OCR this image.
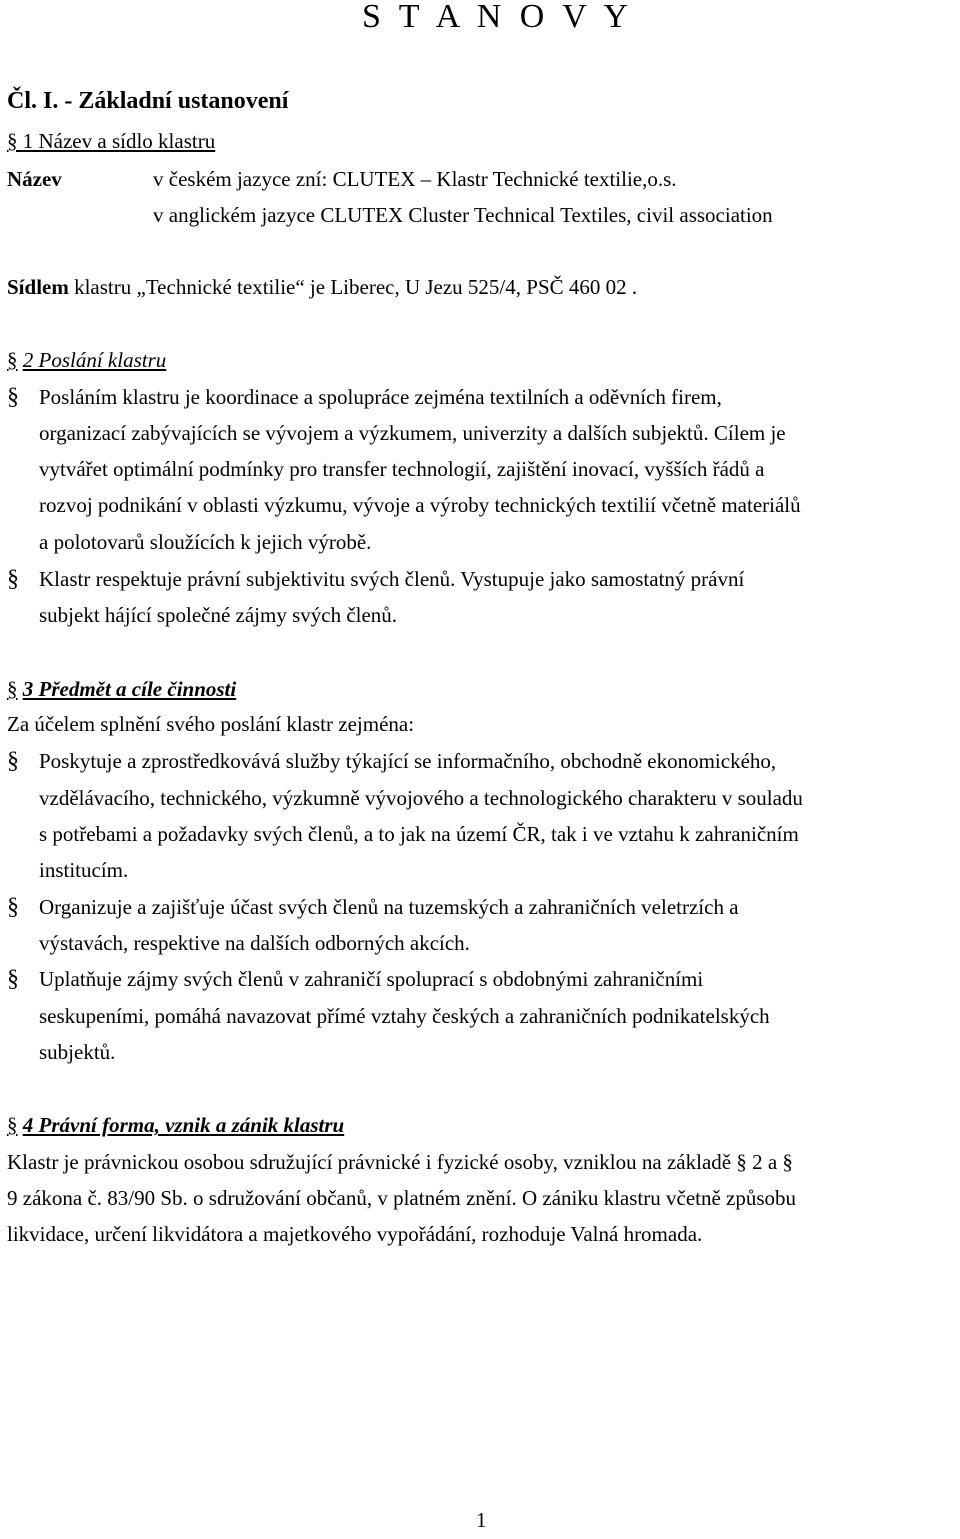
S T A N O V Y
Čl. I. - Základní ustanovení
§ 1 Název a sídlo klastru
Název	v českém jazyce zní: CLUTEX – Klastr Technické textilie,o.s.
v anglickém jazyce CLUTEX Cluster Technical Textiles, civil association
Sídlem klastru „Technické textilie“ je Liberec, U Jezu 525/4, PSČ 460 02 .
§ 2 Poslání klastru
§ Posláním klastru je koordinace a spolupráce zejména textilních a oděvních firem,
organizací zabývajících se vývojem a výzkumem, univerzity a dalších subjektů. Cílem je
vytvářet optimální podmínky pro transfer technologií, zajištění inovací, vyšších řádů a
rozvoj podnikání v oblasti výzkumu, vývoje a výroby technických textilií včetně materiálů
a polotovarů sloužících k jejich výrobě.
§ Klastr respektuje právní subjektivitu svých členů. Vystupuje jako samostatný právní
subjekt hájící společné zájmy svých členů.
§ 3 Předmět a cíle činnosti
Za účelem splnění svého poslání klastr zejména:
§ Poskytuje a zprostředkovává služby týkající se informačního, obchodně ekonomického,
vzdělávacího, technického, výzkumně vývojového a technologického charakteru v souladu
s potřebami a požadavky svých členů, a to jak na území ČR, tak i ve vztahu k zahraničním
institucím.
§ Organizuje a zajišťuje účast svých členů na tuzemských a zahraničních veletrzích a
výstavách, respektive na dalších odborných akcích.
§ Uplatňuje zájmy svých členů v zahraničí spoluprací s obdobnými zahraničními
seskupeními, pomáhá navazovat přímé vztahy českých a zahraničních podnikatelských
subjektů.
§ 4 Právní forma, vznik a zánik klastru
Klastr je právnickou osobou sdružující právnické i fyzické osoby, vzniklou na základě § 2 a §
9 zákona č. 83/90 Sb. o sdružování občanů, v platném znění. O zániku klastru včetně způsobu
likvidace, určení likvidátora a majetkového vypořádání, rozhoduje Valná hromada.
1
